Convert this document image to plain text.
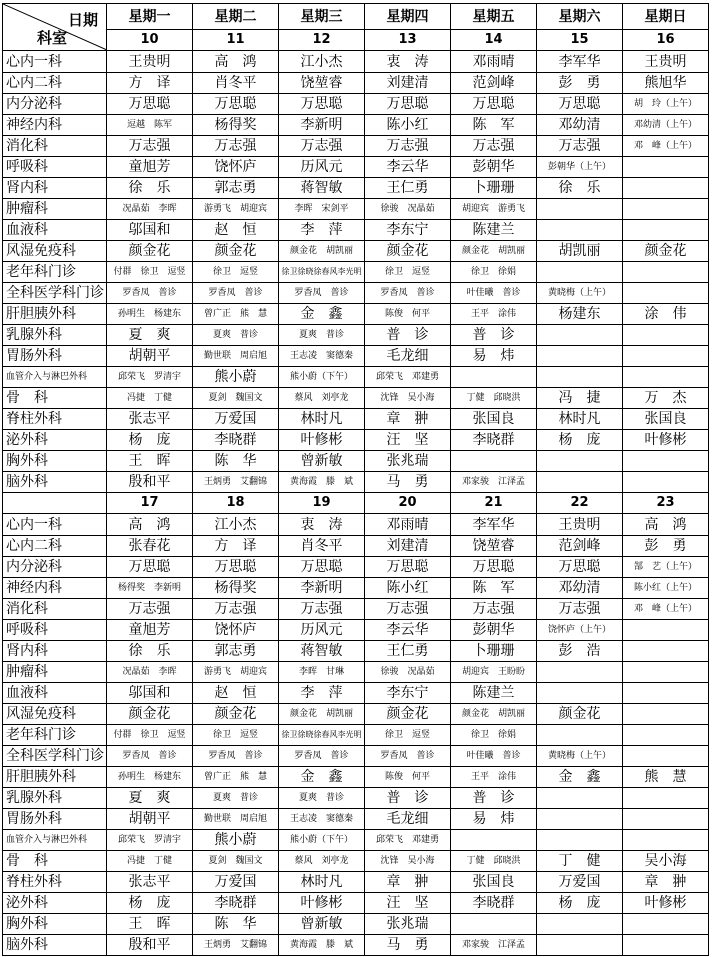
日期
科室	星期一	星期二	星期三	星期四	星期五	星期六	星期日
	10	11	12	13	14	15	16
心内一科	王贵明	高　鸿	江小杰	衷　涛	邓雨晴	李军华	王贵明
心内二科	方　译	肖冬平	饶堃睿	刘建清	范剑峰	彭　勇	熊旭华
内分泌科	万思聪	万思聪	万思聪	万思聪	万思聪	万思聪	胡　玲（上午）
神经内科	逗越　陈军	杨得奖	李新明	陈小红	陈　军	邓幼清	邓幼清（上午）
消化科	万志强	万志强	万志强	万志强	万志强	万志强	邓　峰（上午）
呼吸科	童旭芳	饶怀庐	历风元	李云华	彭朝华	彭朝华（上午）	
肾内科	徐　乐	郭志勇	蒋智敏	王仁勇	卜珊珊	徐　乐	
肿瘤科	况晶茹　李晖	游勇飞　胡迎宾	李晖　宋剑平	徐骏　况晶茹	胡迎宾　游勇飞		
血液科	邬国和	赵　恒	李　萍	李东宁	陈建兰		
风湿免疫科	颜金花	颜金花	颜金花　胡凯丽	颜金花	颜金花　胡凯丽	胡凯丽	颜金花
老年科门诊	付群　徐卫　逗竖	徐卫　逗竖	徐卫徐晓徐春风李光明	徐卫　逗竖	徐卫　徐娟		
全科医学科门诊	罗香凤　普诊	罗香凤　普诊	罗香凤　普诊	罗香凤　普诊	叶佳曦　普诊	黄晓梅（上午）	
肝胆胰外科	孙明生　杨建东	曾广正　熊　慧	金　鑫	陈俊　何平	王平　涂伟	杨建东	涂　伟
乳腺外科	夏　爽	夏爽　普诊	夏爽　普诊	普　诊	普　诊		
胃肠外科	胡朝平	勤世联　周启旭	王志凌　窦德秦	毛龙细	易　炜		
血管介入与淋巴外科	邱荣飞　罗清宇	熊小蔚	熊小蔚（下午）	邱荣飞　邓建勇			
骨　科	冯捷　丁健	夏剑　魏国文	蔡风　刘亭龙	沈锋　吴小海	丁健　邱晓洪	冯　捷	万　杰
脊柱外科	张志平	万爱国	林时凡	章　翀	张国良	林时凡	张国良
泌外科	杨　庞	李晓群	叶修彬	汪　坚	李晓群	杨　庞	叶修彬
胸外科	王　晖	陈　华	曾新敏	张兆瑞			
脑外科	殷和平	王炳勇　艾翻锦	黄海霞　滕　斌	马　勇	邓家骏　江泽孟		
	17	18	19	20	21	22	23
心内一科	高　鸿	江小杰	衷　涛	邓雨晴	李军华	王贵明	高　鸿
心内二科	张春花	方　译	肖冬平	刘建清	饶堃睿	范剑峰	彭　勇
内分泌科	万思聪	万思聪	万思聪	万思聪	万思聪	万思聪	郜　艺（上午）
神经内科	杨得奖　李新明	杨得奖	李新明	陈小红	陈　军	邓幼清	陈小红（上午）
消化科	万志强	万志强	万志强	万志强	万志强	万志强	邓　峰（上午）
呼吸科	童旭芳	饶怀庐	历风元	李云华	彭朝华	饶怀庐（上午）	
肾内科	徐　乐	郭志勇	蒋智敏	王仁勇	卜珊珊	彭　浩	
肿瘤科	况晶茹　李晖	游勇飞　胡迎宾	李晖　甘琳	徐骏　况晶茹	胡迎宾　王盼盼		
血液科	邬国和	赵　恒	李　萍	李东宁	陈建兰		
风湿免疫科	颜金花	颜金花	颜金花　胡凯丽	颜金花	颜金花　胡凯丽	颜金花	
老年科门诊	付群　徐卫　逗竖	徐卫　逗竖	徐卫徐晓徐春风李光明	徐卫　逗竖	徐卫　徐娟		
全科医学科门诊	罗香凤　普诊	罗香凤　普诊	罗香凤　普诊	罗香凤　普诊	叶佳曦　普诊	黄晓梅（上午）	
肝胆胰外科	孙明生　杨建东	曾广正　熊　慧	金　鑫	陈俊　何平	王平　涂伟	金　鑫	熊　慧
乳腺外科	夏　爽	夏爽　普诊	夏爽　普诊	普　诊	普　诊		
胃肠外科	胡朝平	勤世联　周启旭	王志凌　窦德秦	毛龙细	易　炜		
血管介入与淋巴外科	邱荣飞　罗清宇	熊小蔚	熊小蔚（下午）	邱荣飞　邓建勇			
骨　科	冯捷　丁健	夏剑　魏国文	蔡风　刘亭龙	沈锋　吴小海	丁健　邱晓洪	丁　健	吴小海
脊柱外科	张志平	万爱国	林时凡	章　翀	张国良	万爱国	章　翀
泌外科	杨　庞	李晓群	叶修彬	汪　坚	李晓群	杨　庞	叶修彬
胸外科	王　晖	陈　华	曾新敏	张兆瑞			
脑外科	殷和平	王炳勇　艾翻锦	黄海霞　滕　斌	马　勇	邓家骏　江泽孟		
